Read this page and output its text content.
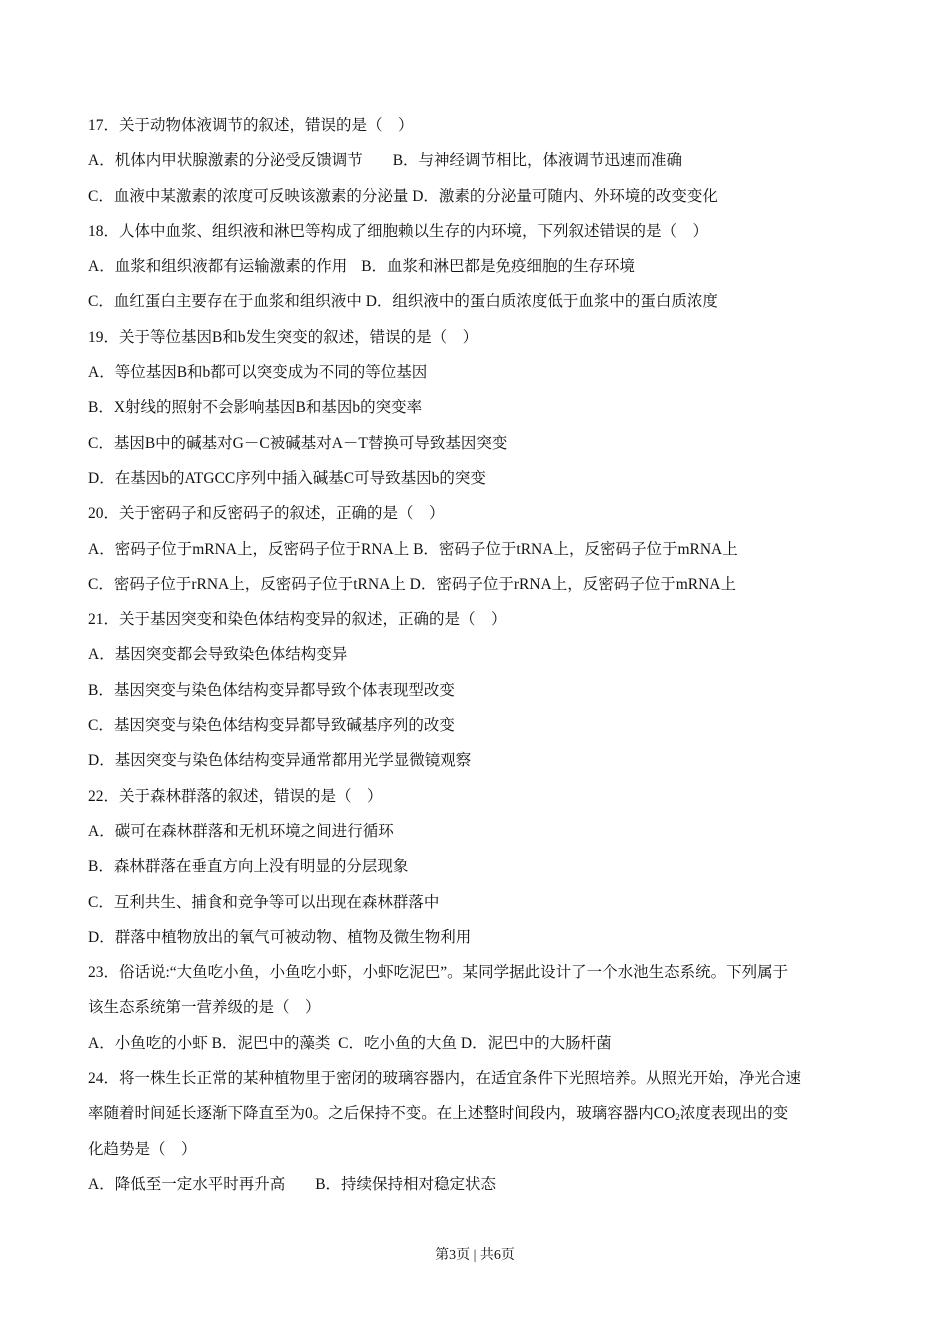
17．关于动物体液调节的叙述，错误的是（　）
A．机体内甲状腺激素的分泌受反馈调节 B．与神经调节相比，体液调节迅速而准确
C．血液中某激素的浓度可反映该激素的分泌量 D．激素的分泌量可随内、外环境的改变变化
18．人体中血浆、组织液和淋巴等构成了细胞赖以生存的内环境，下列叙述错误的是（　）
A．血浆和组织液都有运输激素的作用 B．血浆和淋巴都是免疫细胞的生存环境
C．血红蛋白主要存在于血浆和组织液中 D．组织液中的蛋白质浓度低于血浆中的蛋白质浓度
19．关于等位基因B和b发生突变的叙述，错误的是（　）
A．等位基因B和b都可以突变成为不同的等位基因
B．X射线的照射不会影响基因B和基因b的突变率
C．基因B中的碱基对G－C被碱基对A－T替换可导致基因突变
D．在基因b的ATGCC序列中插入碱基C可导致基因b的突变
20．关于密码子和反密码子的叙述，正确的是（　）
A．密码子位于mRNA上，反密码子位于RNA上 B．密码子位于tRNA上，反密码子位于mRNA上
C．密码子位于rRNA上，反密码子位于tRNA上 D．密码子位于rRNA上，反密码子位于mRNA上
21．关于基因突变和染色体结构变异的叙述，正确的是（　）
A．基因突变都会导致染色体结构变异
B．基因突变与染色体结构变异都导致个体表现型改变
C．基因突变与染色体结构变异都导致碱基序列的改变
D．基因突变与染色体结构变异通常都用光学显微镜观察
22．关于森林群落的叙述，错误的是（　）
A．碳可在森林群落和无机环境之间进行循环
B．森林群落在垂直方向上没有明显的分层现象
C．互利共生、捕食和竞争等可以出现在森林群落中
D．群落中植物放出的氧气可被动物、植物及微生物利用
23．俗话说:“大鱼吃小鱼，小鱼吃小虾，小虾吃泥巴”。某同学据此设计了一个水池生态系统。下列属于
该生态系统第一营养级的是（　）
A．小鱼吃的小虾 B．泥巴中的藻类 C．吃小鱼的大鱼 D．泥巴中的大肠杆菌
24．将一株生长正常的某种植物里于密闭的玻璃容器内，在适宜条件下光照培养。从照光开始，净光合速
率随着时间延长逐渐下降直至为0。之后保持不变。在上述整时间段内，玻璃容器内$CO_2$浓度表现出的变
化趋势是（　）
A．降低至一定水平时再升高 B．持续保持相对稳定状态
第3页 | 共6页
